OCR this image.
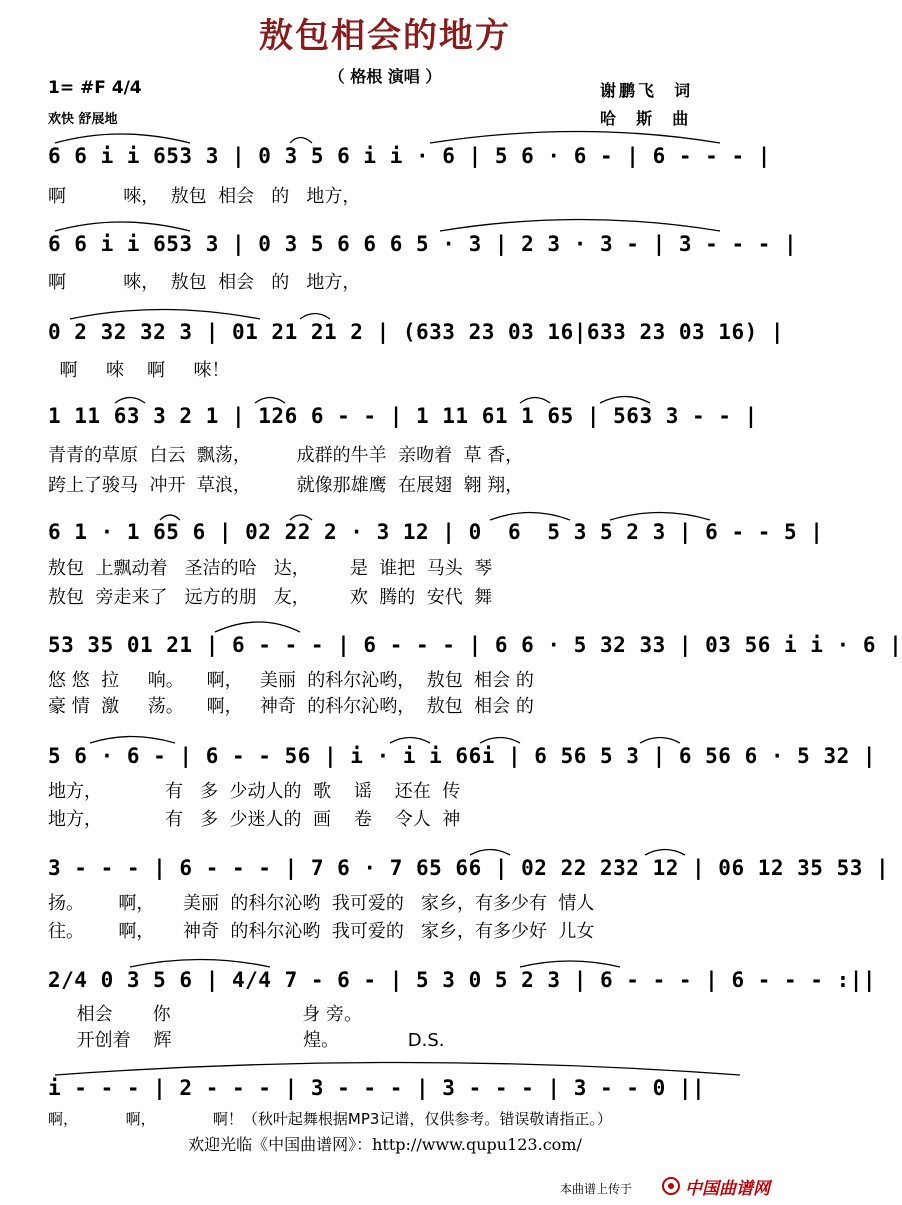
敖包相会的地方
（ 格根 演唱 ）
1= #F 4/4
欢快 舒展地
谢鹏飞  词
哈  斯  曲
6 6 i i 653 3 | 0 3 5 6 i i · 6 | 5 6 · 6 - | 6 - - - |
啊          唻，  敖包  相会   的   地方，
6 6 i i 653 3 | 0 3 5 6 6 6 5 · 3 | 2 3 · 3 - | 3 - - - |
啊          唻，  敖包  相会   的   地方，
0 2 32 32 3 | 01 21 21 2 | (633 23 03 16|633 23 03 16) |
啊     唻    啊     唻！
1 11 63 3 2 1 | 126 6 - - | 1 11 61 1 65 | 563 3 - - |
青青的草原  白云  飘荡，        成群的牛羊  亲吻着  草 香，
跨上了骏马  冲开  草浪，        就像那雄鹰  在展翅  翱 翔，
6 1 · 1 65 6 | 02 22 2 · 3 12 | 0  6  5 3 5 2 3 | 6 - - 5 |
敖包  上飘动着   圣洁的哈   达，       是  谁把  马头  琴
敖包  旁走来了   远方的朋   友，       欢  腾的  安代  舞
53 35 01 21 | 6 - - - | 6 - - - | 6 6 · 5 32 33 | 03 56 i i · 6 |
悠 悠  拉     响。    啊，   美丽  的科尔沁哟，  敖包  相会 的
豪 情  激     荡。    啊，   神奇  的科尔沁哟，  敖包  相会 的
5 6 · 6 - | 6 - - 56 | i · i i 66i | 6 56 5 3 | 6 56 6 · 5 32 |
地方，           有   多  少动人的  歌    谣    还在  传
地方，           有   多  少迷人的  画    卷    令人  神
3 - - - | 6 - - - | 7 6 · 7 65 66 | 02 22 232 12 | 06 12 35 53 |
扬。      啊，     美丽  的科尔沁哟  我可爱的   家乡，有多少有  情人
往。      啊，     神奇  的科尔沁哟  我可爱的   家乡，有多少好  儿女
2/4 0 3 5 6 | 4/4 7 - 6 - | 5 3 0 5 2 3 | 6 - - - | 6 - - - :||
相会       你                       身 旁。
开创着    辉                       煌。            D.S.
i - - - | 2 - - - | 3 - - - | 3 - - - | 3 - - 0 ||
啊，          啊，            啊！（秋叶起舞根据MP3记谱，仅供参考。错误敬请指正。）
欢迎光临《中国曲谱网》：http://www.qupu123.com/
本曲谱上传于	中国曲谱网
